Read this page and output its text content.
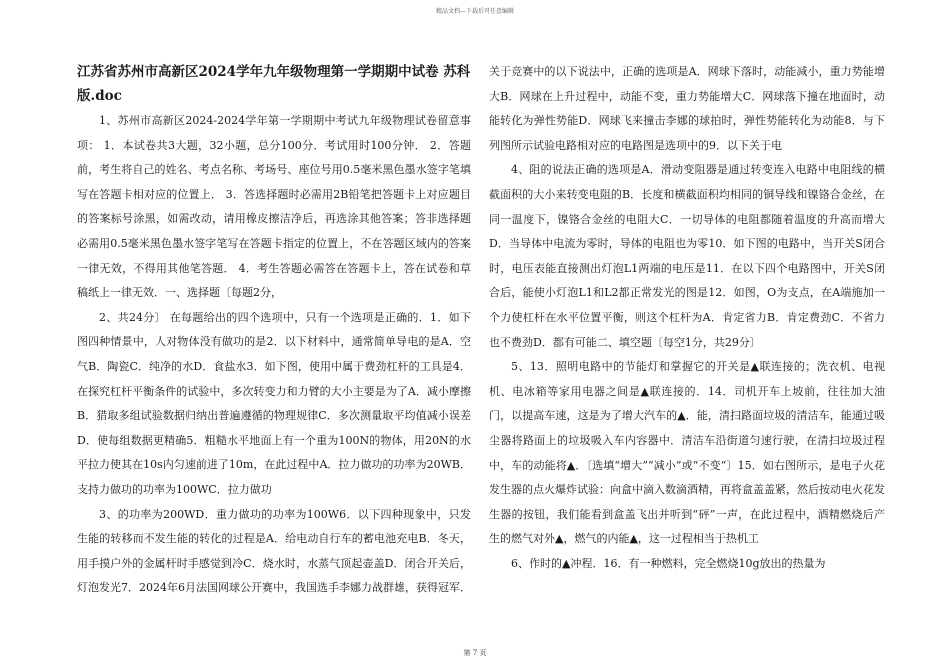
精品文档---下载后可任意编辑
江苏省苏州市高新区2024学年九年级物理第一学期期中试卷 苏科版.doc

1、苏州市高新区2024-2024学年第一学期期中考试九年级物理试卷留意事项： 1．本试卷共3大题，32小题，总分100分．考试用时100分钟． 2．答题前，考生将自己的姓名、考点名称、考场号、座位号用0.5毫米黑色墨水签字笔填写在答题卡相对应的位置上． 3．答选择题时必需用2B铅笔把答题卡上对应题目的答案标号涂黑，如需改动，请用橡皮擦洁净后，再选涂其他答案；答非选择题必需用0.5毫米黑色墨水签字笔写在答题卡指定的位置上，不在答题区域内的答案一律无效，不得用其他笔答题． 4．考生答题必需答在答题卡上，答在试卷和草稿纸上一律无效．一、选择题〔每题2分，

2、共24分〕 在每题给出的四个选项中，只有一个选项是正确的．1．如下图四种情景中，人对物体没有做功的是2．以下材料中，通常简单导电的是A．空气B．陶瓷C．纯净的水D．食盐水3．如下图，使用中属于费劲杠杆的工具是4．在探究杠杆平衡条件的试验中，多次转变力和力臂的大小主要是为了A．减小摩擦B．猎取多组试验数据归纳出普遍遵循的物理规律C．多次测量取平均值减小误差D．使每组数据更精确5．粗糙水平地面上有一个重为100N的物体，用20N的水平拉力使其在10s内匀速前进了10m，在此过程中A．拉力做功的功率为20WB．支持力做功的功率为100WC．拉力做功

3、的功率为200WD．重力做功的功率为100W6．以下四种现象中，只发生能的转移而不发生能的转化的过程是A．给电动自行车的蓄电池充电B．冬天，用手摸户外的金属杆时手感觉到冷C．烧水时，水蒸气顶起壶盖D．闭合开关后，灯泡发光7．2024年6月法国网球公开赛中，我国选手李娜力战群雄，获得冠军．

关于竞赛中的以下说法中，正确的选项是A．网球下落时，动能减小，重力势能增大B．网球在上升过程中，动能不变，重力势能增大C．网球落下撞在地面时，动能转化为弹性势能D．网球飞来撞击李娜的球拍时，弹性势能转化为动能8．与下列图所示试验电路相对应的电路图是选项中的9．以下关于电

4、阻的说法正确的选项是A．滑动变阻器是通过转变连入电路中电阻线的横截面积的大小来转变电阻的B．长度和横截面积均相同的铜导线和镍铬合金丝，在同一温度下，镍铬合金丝的电阻大C．一切导体的电阻都随着温度的升高而增大D．当导体中电流为零时，导体的电阻也为零10．如下图的电路中，当开关S闭合时，电压表能直接测出灯泡L1两端的电压是11．在以下四个电路图中，开关S闭合后，能使小灯泡L1和L2都正常发光的图是12．如图，O为支点，在A端施加一个力使杠杆在水平位置平衡，则这个杠杆为A．肯定省力B．肯定费劲C．不省力也不费劲D．都有可能二、填空题〔每空1分，共29分〕

5、13．照明电路中的节能灯和掌握它的开关是▲联连接的；洗衣机、电视机、电冰箱等家用电器之间是▲联连接的．14．司机开车上坡前，往往加大油门，以提高车速，这是为了增大汽车的▲．能，清扫路面垃圾的清洁车，能通过吸尘器将路面上的垃圾吸入车内容器中．清洁车沿街道匀速行驶，在清扫垃圾过程中，车的动能将▲．〔选填“增大”“减小”或“不变”〕15．如右图所示，是电子火花发生器的点火爆炸试验：向盒中滴入数滴酒精，再将盒盖盖紧，然后按动电火花发生器的按钮，我们能看到盒盖飞出并听到“砰”一声，在此过程中，酒精燃烧后产生的燃气对外▲，燃气的内能▲，这一过程相当于热机工

6、作时的▲冲程．16．有一种燃料，完全燃烧10g放出的热量为

第 7 页
